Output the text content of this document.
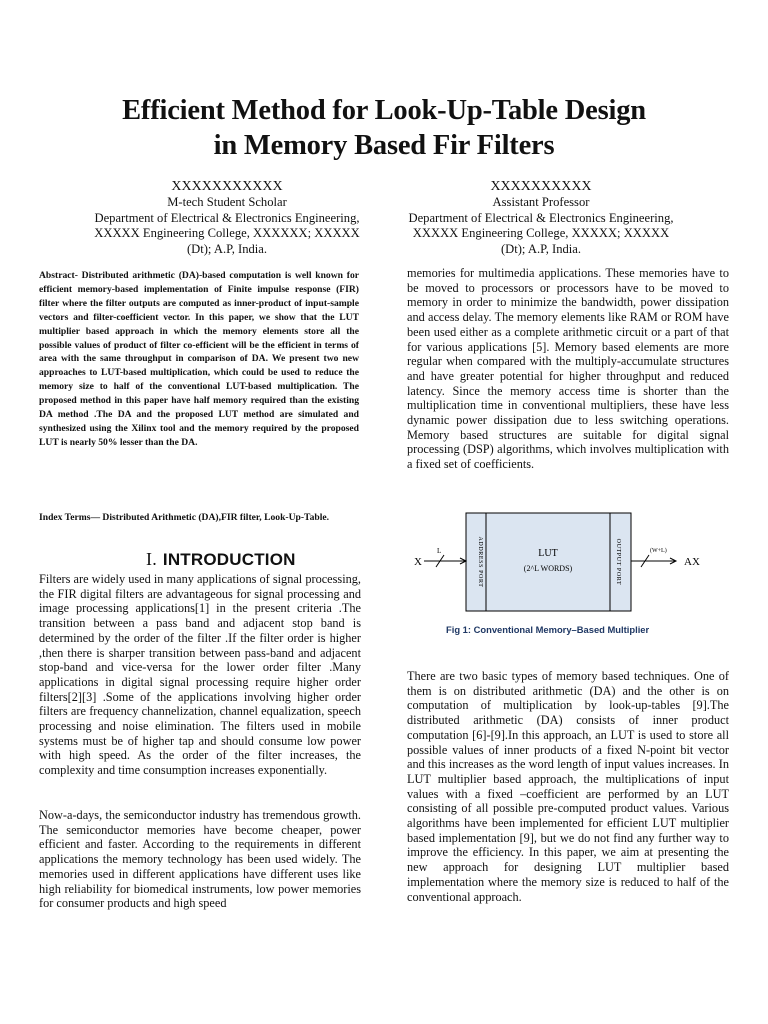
Efficient Method for Look-Up-Table Design
in Memory Based Fir Filters
XXXXXXXXXXX
M-tech Student Scholar
Department of Electrical & Electronics Engineering,
XXXXX Engineering College, XXXXXX; XXXXX
(Dt); A.P, India.
XXXXXXXXXX
Assistant Professor
Department of Electrical & Electronics Engineering,
XXXXX Engineering College, XXXXX; XXXXX
(Dt); A.P, India.

Abstract- Distributed arithmetic (DA)-based computation is well known for efficient memory-based implementation of Finite impulse response (FIR) filter where the filter outputs are computed as inner-product of input-sample vectors and filter-coefficient vector. In this paper, we show that the LUT multiplier based approach in which the memory elements store all the possible values of product of filter co-efficient will be the efficient in terms of area with the same throughput in comparison of DA. We present two new approaches to LUT-based multiplication, which could be used to reduce the memory size to half of the conventional LUT-based multiplication. The proposed method in this paper have half memory required than the existing DA method .The DA and the proposed LUT method are simulated and synthesized using the Xilinx tool and the memory required by the proposed LUT is nearly 50% lesser than the DA.

Index Terms— Distributed Arithmetic (DA),FIR filter, Look-Up-Table.

I. INTRODUCTION

Filters are widely used in many applications of signal processing, the FIR digital filters are advantageous for signal processing and image processing applications[1] in the present criteria .The transition between a pass band and adjacent stop band is determined by the order of the filter .If the filter order is higher ,then there is sharper transition between pass-band and adjacent stop-band and vice-versa for the lower order filter .Many applications in digital signal processing require higher order filters[2][3] .Some of the applications involving higher order filters are frequency channelization, channel equalization, speech processing and noise elimination. The filters used in mobile systems must be of higher tap and should consume low power with high speed. As the order of the filter increases, the complexity and time consumption increases exponentially.

Now-a-days, the semiconductor industry has tremendous growth. The semiconductor memories have become cheaper, power efficient and faster. According to the requirements in different applications the memory technology has been used widely. The memories used in different applications have different uses like high reliability for biomedical instruments, low power memories for consumer products and high speed

memories for multimedia applications. These memories have to be moved to processors or processors have to be moved to memory in order to minimize the bandwidth, power dissipation and access delay. The memory elements like RAM or ROM have been used either as a complete arithmetic circuit or a part of that for various applications [5]. Memory based elements are more regular when compared with the multiply-accumulate structures and have greater potential for higher throughput and reduced latency. Since the memory access time is shorter than the multiplication time in conventional multipliers, these have less dynamic power dissipation due to less switching operations. Memory based structures are suitable for digital signal processing (DSP) algorithms, which involves multiplication with a fixed set of coefficients.

X
L	ADDRESS PORT	LUT
(2^L WORDS)	OUTPUT PORT	(W+L)
AX
Fig 1: Conventional Memory–Based Multiplier

There are two basic types of memory based techniques. One of them is on distributed arithmetic (DA) and the other is on computation of multiplication by look-up-tables [9].The distributed arithmetic (DA) consists of inner product computation [6]-[9].In this approach, an LUT is used to store all possible values of inner products of a fixed N-point bit vector and this increases as the word length of input values increases. In LUT multiplier based approach, the multiplications of input values with a fixed –coefficient are performed by an LUT consisting of all possible pre-computed product values. Various algorithms have been implemented for efficient LUT multiplier based implementation [9], but we do not find any further way to improve the efficiency. In this paper, we aim at presenting the new approach for designing LUT multiplier based implementation where the memory size is reduced to half of the conventional approach.
